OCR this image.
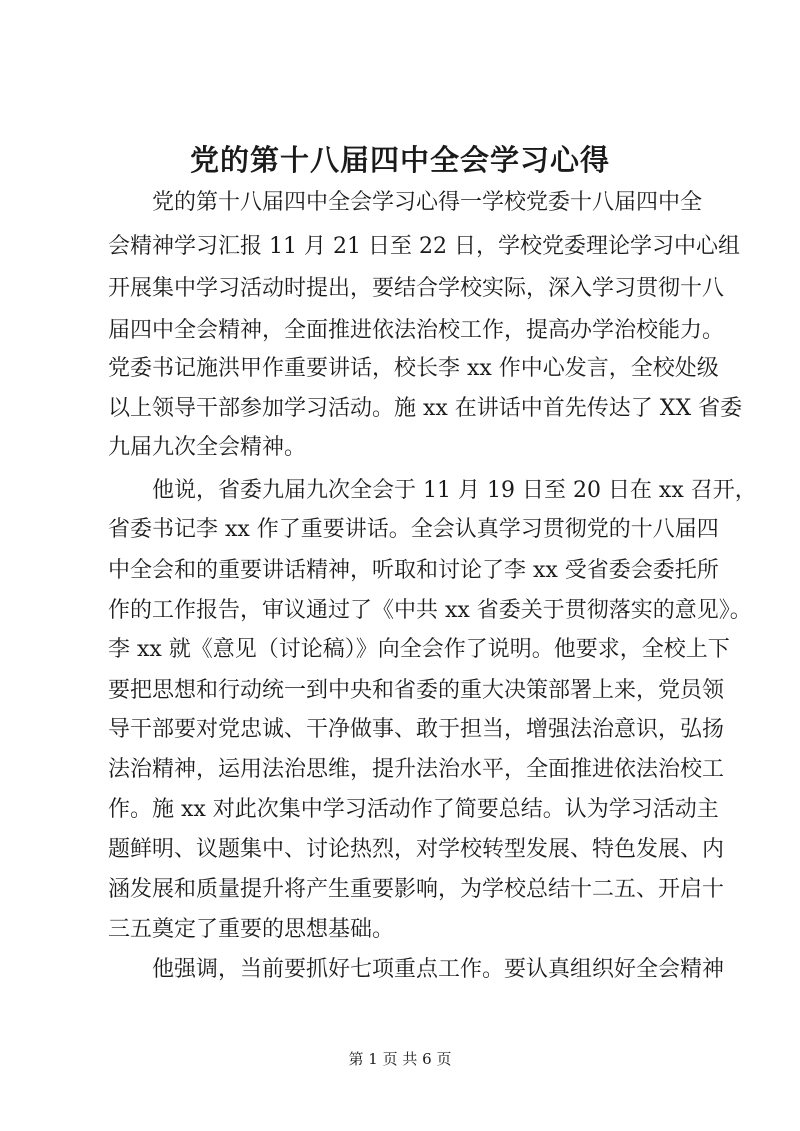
党的第十八届四中全会学习心得
党的第十八届四中全会学习心得一学校党委十八届四中全
会精神学习汇报 11 月 21 日至 22 日，学校党委理论学习中心组
开展集中学习活动时提出，要结合学校实际，深入学习贯彻十八
届四中全会精神，全面推进依法治校工作，提高办学治校能力。
党委书记施洪甲作重要讲话，校长李 xx 作中心发言，全校处级
以上领导干部参加学习活动。施 xx 在讲话中首先传达了 XX 省委
九届九次全会精神。
他说，省委九届九次全会于 11 月 19 日至 20 日在 xx 召开，
省委书记李 xx 作了重要讲话。全会认真学习贯彻党的十八届四
中全会和的重要讲话精神，听取和讨论了李 xx 受省委会委托所
作的工作报告，审议通过了《中共 xx 省委关于贯彻落实的意见》。
李 xx 就《意见（讨论稿）》向全会作了说明。他要求，全校上下
要把思想和行动统一到中央和省委的重大决策部署上来，党员领
导干部要对党忠诚、干净做事、敢于担当，增强法治意识，弘扬
法治精神，运用法治思维，提升法治水平，全面推进依法治校工
作。施 xx 对此次集中学习活动作了简要总结。认为学习活动主
题鲜明、议题集中、讨论热烈，对学校转型发展、特色发展、内
涵发展和质量提升将产生重要影响，为学校总结十二五、开启十
三五奠定了重要的思想基础。
他强调，当前要抓好七项重点工作。要认真组织好全会精神
第 1 页 共 6 页
